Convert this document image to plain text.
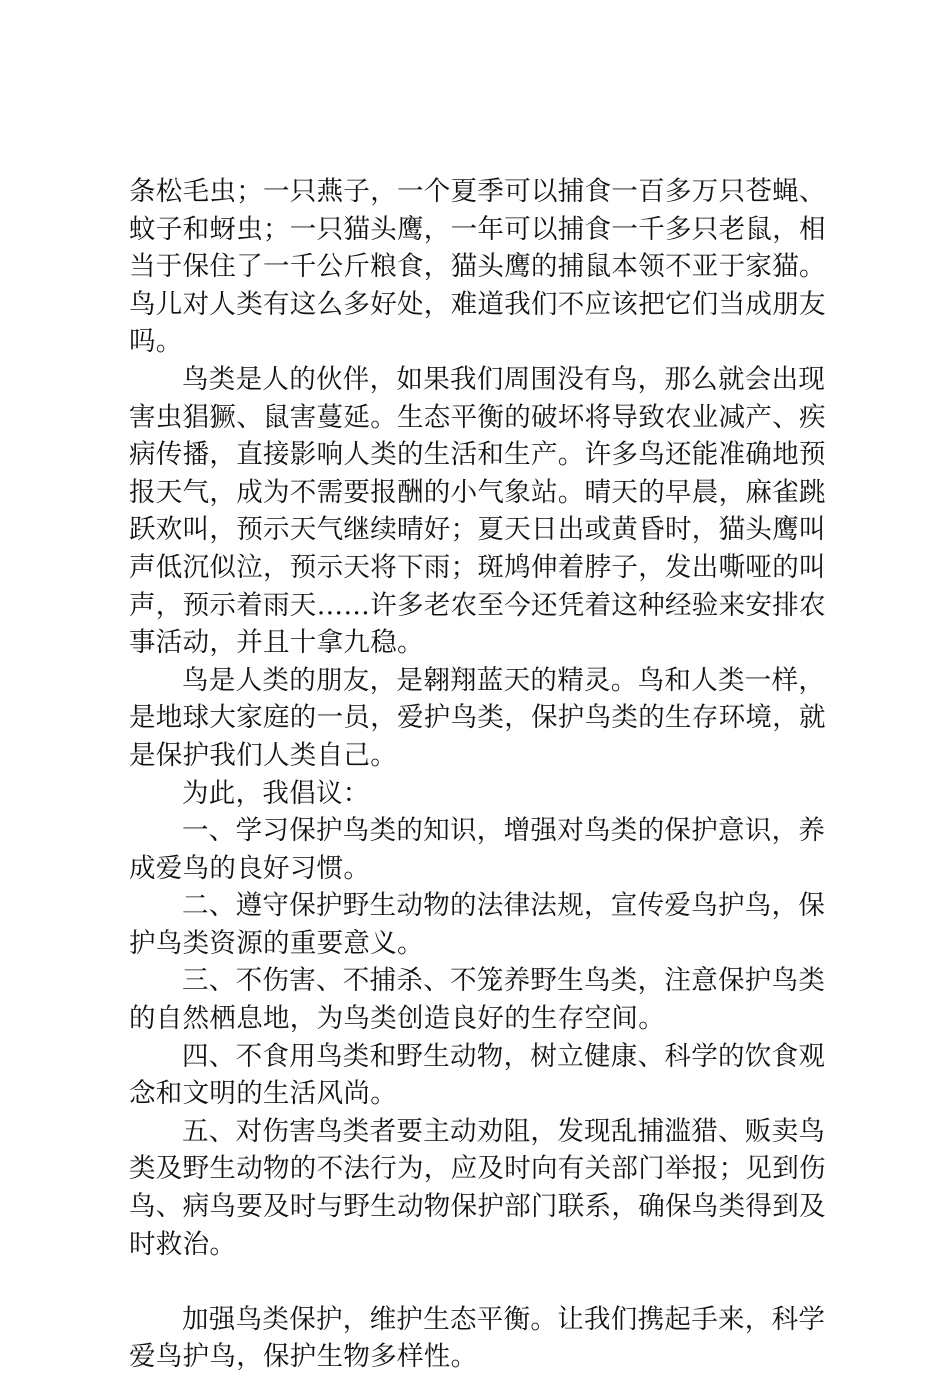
条松毛虫；一只燕子，一个夏季可以捕食一百多万只苍蝇、蚊子和蚜虫；一只猫头鹰，一年可以捕食一千多只老鼠，相当于保住了一千公斤粮食，猫头鹰的捕鼠本领不亚于家猫。鸟儿对人类有这么多好处，难道我们不应该把它们当成朋友吗。

鸟类是人的伙伴，如果我们周围没有鸟，那么就会出现害虫猖獗、鼠害蔓延。生态平衡的破坏将导致农业减产、疾病传播，直接影响人类的生活和生产。许多鸟还能准确地预报天气，成为不需要报酬的小气象站。晴天的早晨，麻雀跳跃欢叫，预示天气继续晴好；夏天日出或黄昏时，猫头鹰叫声低沉似泣，预示天将下雨；斑鸠伸着脖子，发出嘶哑的叫声，预示着雨天……许多老农至今还凭着这种经验来安排农事活动，并且十拿九稳。

鸟是人类的朋友，是翱翔蓝天的精灵。鸟和人类一样，是地球大家庭的一员，爱护鸟类，保护鸟类的生存环境，就是保护我们人类自己。

为此，我倡议：

一、学习保护鸟类的知识，增强对鸟类的保护意识，养成爱鸟的良好习惯。

二、遵守保护野生动物的法律法规，宣传爱鸟护鸟，保护鸟类资源的重要意义。

三、不伤害、不捕杀、不笼养野生鸟类，注意保护鸟类的自然栖息地，为鸟类创造良好的生存空间。

四、不食用鸟类和野生动物，树立健康、科学的饮食观念和文明的生活风尚。

五、对伤害鸟类者要主动劝阻，发现乱捕滥猎、贩卖鸟类及野生动物的不法行为，应及时向有关部门举报；见到伤鸟、病鸟要及时与野生动物保护部门联系，确保鸟类得到及时救治。

加强鸟类保护，维护生态平衡。让我们携起手来，科学爱鸟护鸟，保护生物多样性。
